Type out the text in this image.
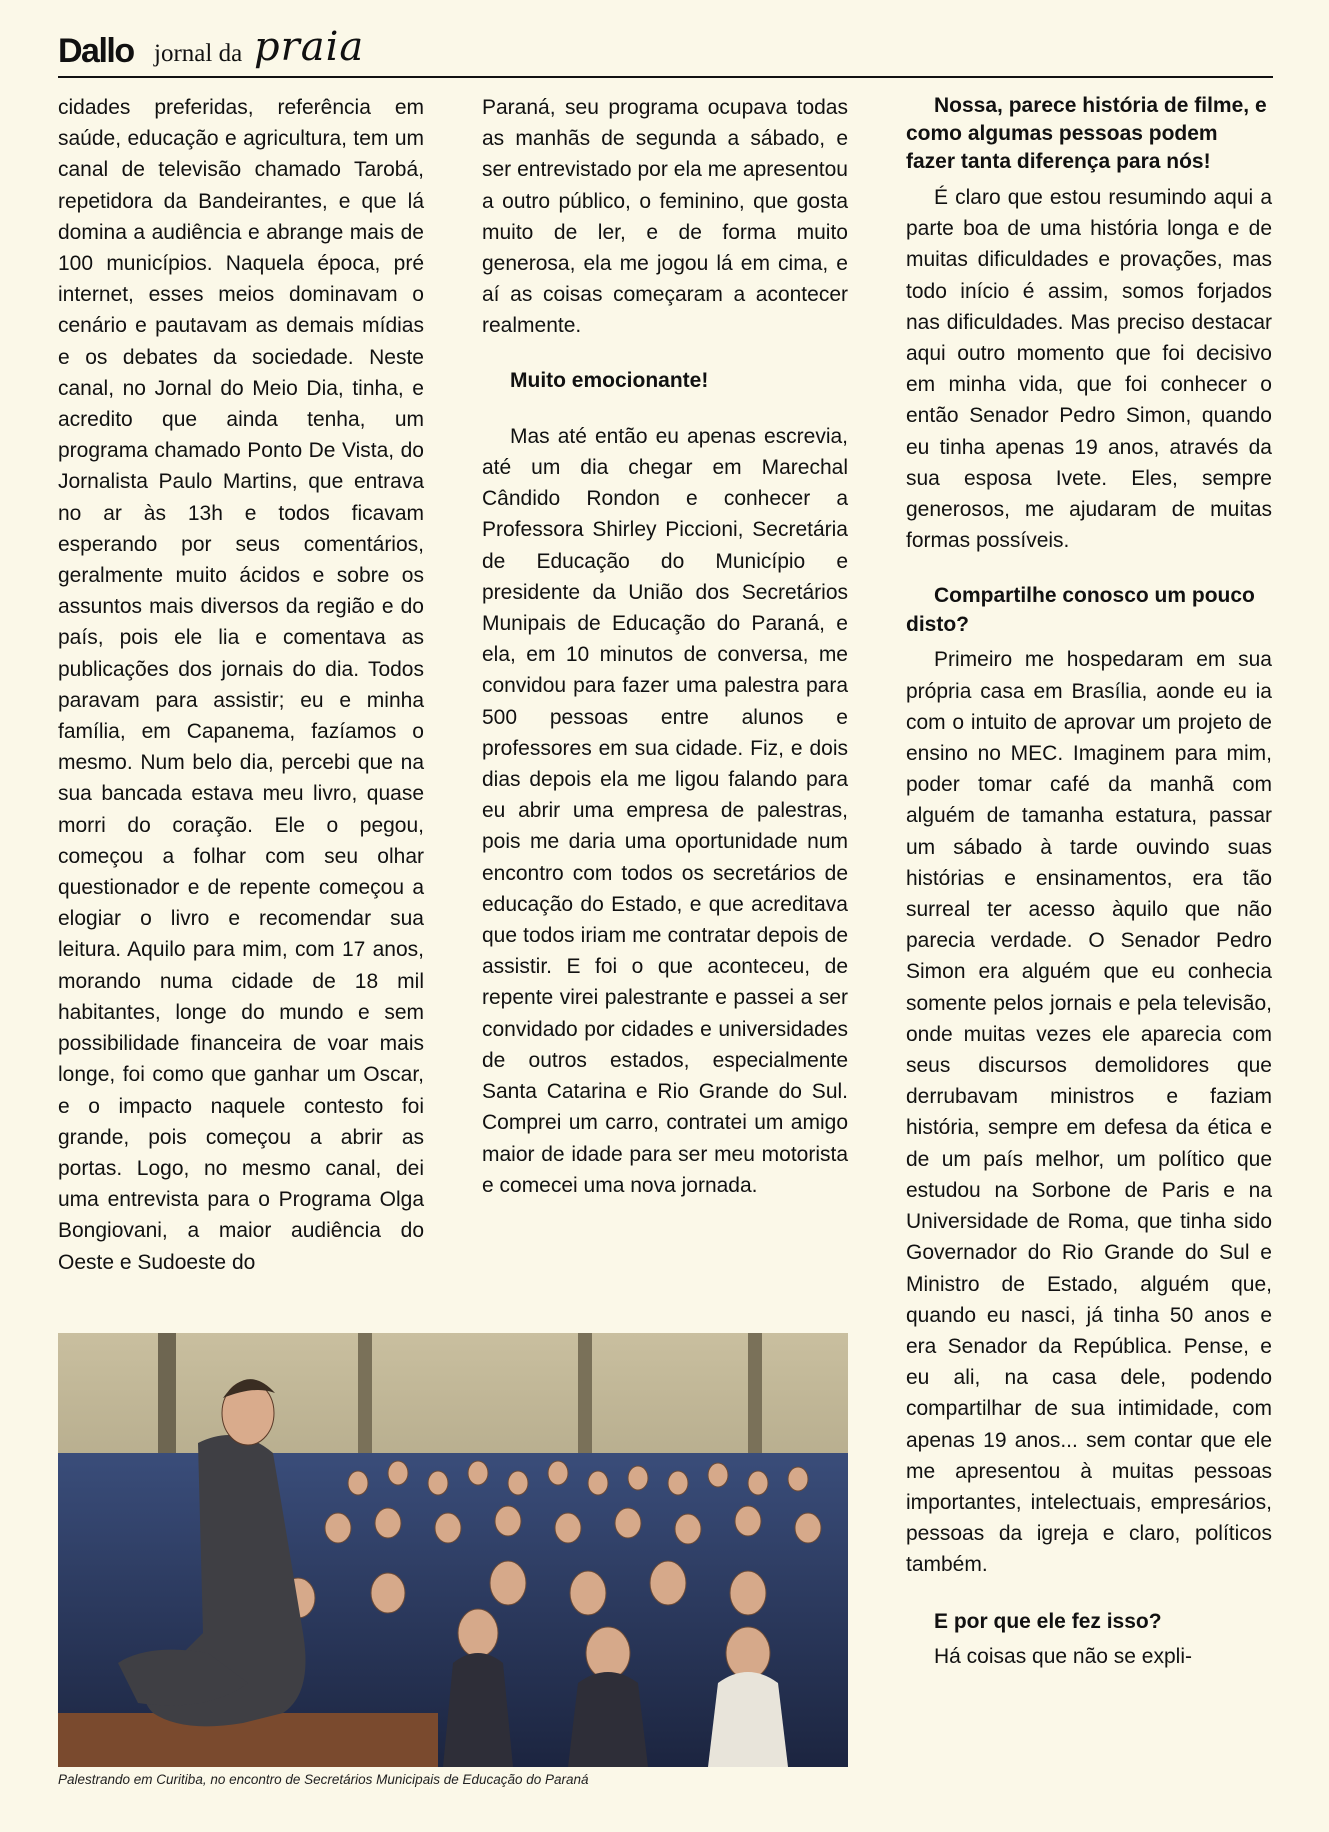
Dallo jornal da praia

cidades preferidas, referência em saúde, educação e agricultura, tem um canal de televisão chamado Tarobá, repetidora da Bandeirantes, e que lá domina a audiência e abrange mais de 100 municípios. Naquela época, pré internet, esses meios dominavam o cenário e pautavam as demais mídias e os debates da sociedade. Neste canal, no Jornal do Meio Dia, tinha, e acredito que ainda tenha, um programa chamado Ponto De Vista, do Jornalista Paulo Martins, que entrava no ar às 13h e todos ficavam esperando por seus comentários, geralmente muito ácidos e sobre os assuntos mais diversos da região e do país, pois ele lia e comentava as publicações dos jornais do dia. Todos paravam para assistir; eu e minha família, em Capanema, fazíamos o mesmo. Num belo dia, percebi que na sua bancada estava meu livro, quase morri do coração. Ele o pegou, começou a folhar com seu olhar questionador e de repente começou a elogiar o livro e recomendar sua leitura. Aquilo para mim, com 17 anos, morando numa cidade de 18 mil habitantes, longe do mundo e sem possibilidade financeira de voar mais longe, foi como que ganhar um Oscar, e o impacto naquele contesto foi grande, pois começou a abrir as portas. Logo, no mesmo canal, dei uma entrevista para o Programa Olga Bongiovani, a maior audiência do Oeste e Sudoeste do

Paraná, seu programa ocupava todas as manhãs de segunda a sábado, e ser entrevistado por ela me apresentou a outro público, o feminino, que gosta muito de ler, e de forma muito generosa, ela me jogou lá em cima, e aí as coisas começaram a acontecer realmente.

Muito emocionante!

Mas até então eu apenas escrevia, até um dia chegar em Marechal Cândido Rondon e conhecer a Professora Shirley Piccioni, Secretária de Educação do Município e presidente da União dos Secretários Munipais de Educação do Paraná, e ela, em 10 minutos de conversa, me convidou para fazer uma palestra para 500 pessoas entre alunos e professores em sua cidade. Fiz, e dois dias depois ela me ligou falando para eu abrir uma empresa de palestras, pois me daria uma oportunidade num encontro com todos os secretários de educação do Estado, e que acreditava que todos iriam me contratar depois de assistir. E foi o que aconteceu, de repente virei palestrante e passei a ser convidado por cidades e universidades de outros estados, especialmente Santa Catarina e Rio Grande do Sul. Comprei um carro, contratei um amigo maior de idade para ser meu motorista e comecei uma nova jornada.

Nossa, parece história de filme, e como algumas pessoas podem fazer tanta diferença para nós!

É claro que estou resumindo aqui a parte boa de uma história longa e de muitas dificuldades e provações, mas todo início é assim, somos forjados nas dificuldades. Mas preciso destacar aqui outro momento que foi decisivo em minha vida, que foi conhecer o então Senador Pedro Simon, quando eu tinha apenas 19 anos, através da sua esposa Ivete. Eles, sempre generosos, me ajudaram de muitas formas possíveis.

Compartilhe conosco um pouco disto?

Primeiro me hospedaram em sua própria casa em Brasília, aonde eu ia com o intuito de aprovar um projeto de ensino no MEC. Imaginem para mim, poder tomar café da manhã com alguém de tamanha estatura, passar um sábado à tarde ouvindo suas histórias e ensinamentos, era tão surreal ter acesso àquilo que não parecia verdade. O Senador Pedro Simon era alguém que eu conhecia somente pelos jornais e pela televisão, onde muitas vezes ele aparecia com seus discursos demolidores que derrubavam ministros e faziam história, sempre em defesa da ética e de um país melhor, um político que estudou na Sorbone de Paris e na Universidade de Roma, que tinha sido Governador do Rio Grande do Sul e Ministro de Estado, alguém que, quando eu nasci, já tinha 50 anos e era Senador da República. Pense, e eu ali, na casa dele, podendo compartilhar de sua intimidade, com apenas 19 anos... sem contar que ele me apresentou à muitas pessoas importantes, intelectuais, empresários, pessoas da igreja e claro, políticos também.

E por que ele fez isso?

Há coisas que não se expli-

Palestrando em Curitiba, no encontro de Secretários Municipais de Educação do Paraná
